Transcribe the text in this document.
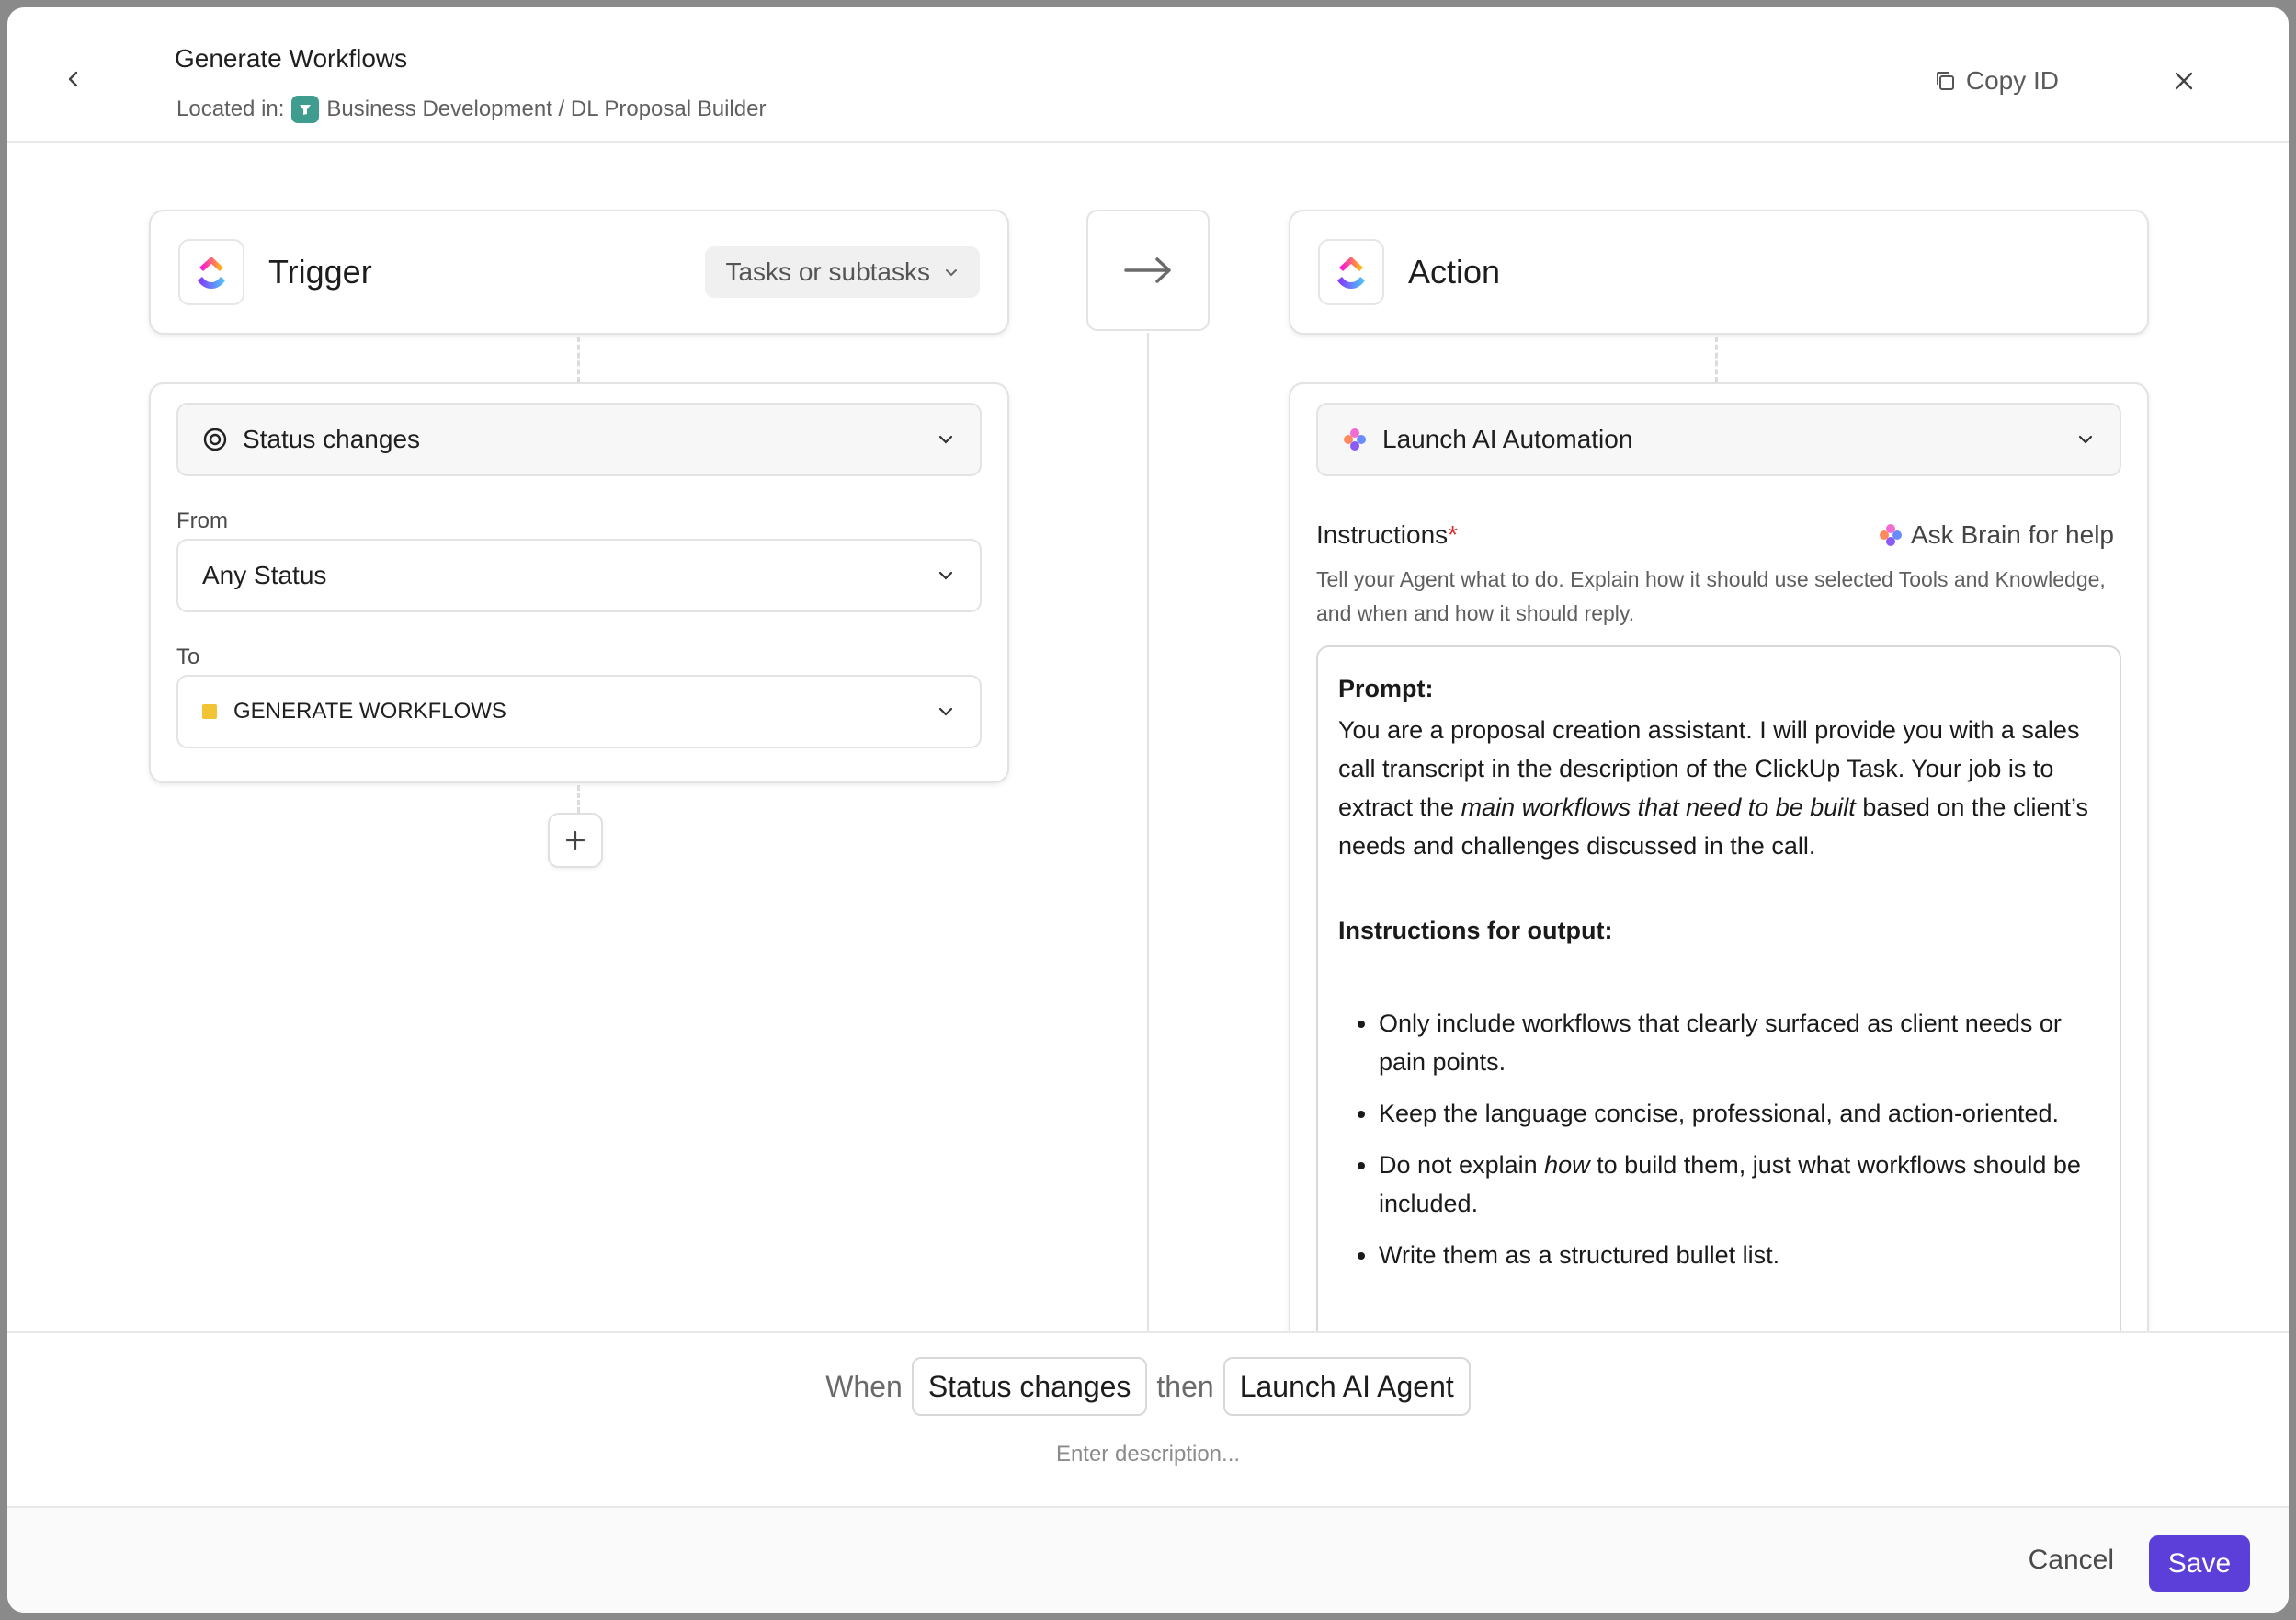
Generate Workflows
Located in: Business Development / DL Proposal Builder
Copy ID
Trigger	Tasks or subtasks
Status changes
From
Any Status
To
GENERATE WORKFLOWS
Action
Launch AI Automation
Instructions*	Ask Brain for help
Tell your Agent what to do. Explain how it should use selected Tools and Knowledge, and when and how it should reply.
Prompt:
You are a proposal creation assistant. I will provide you with a sales call transcript in the description of the ClickUp Task. Your job is to extract the main workflows that need to be built based on the client’s needs and challenges discussed in the call.
Instructions for output:
• Only include workflows that clearly surfaced as client needs or pain points.
• Keep the language concise, professional, and action-oriented.
• Do not explain how to build them, just what workflows should be included.
• Write them as a structured bullet list.
When Status changes then Launch AI Agent
Enter description...
Cancel	Save
